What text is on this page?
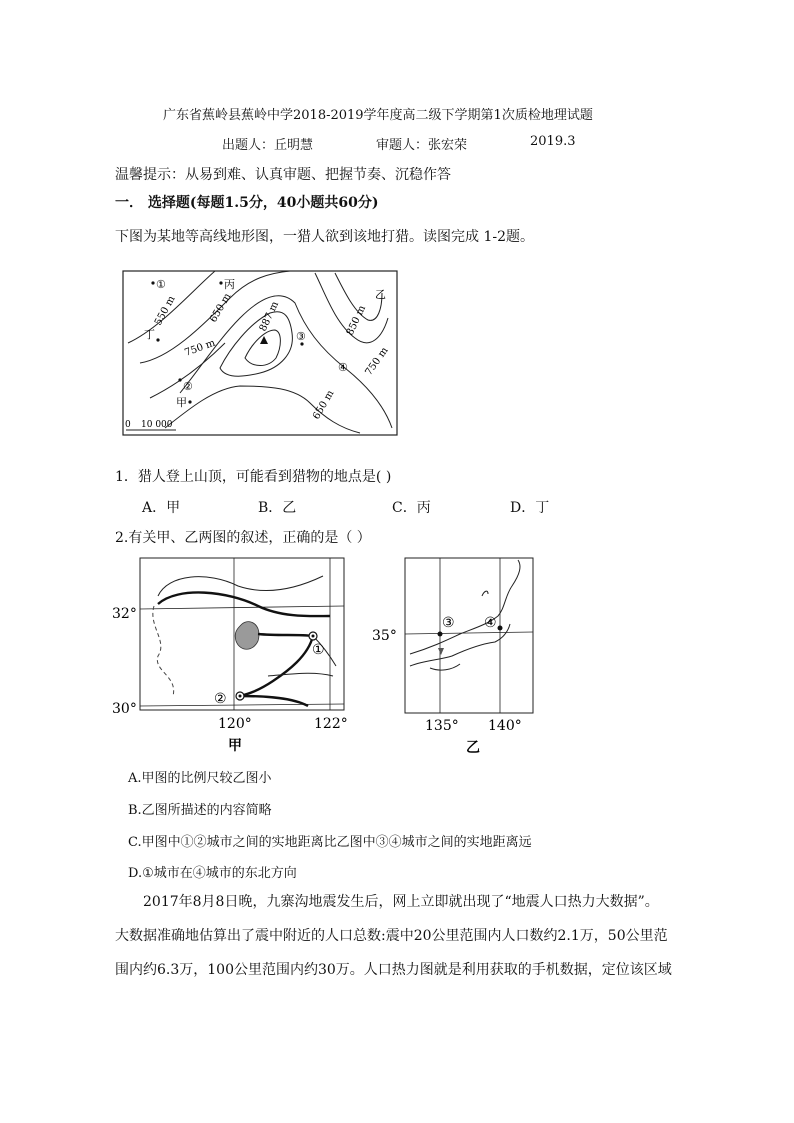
广东省蕉岭县蕉岭中学2018-2019学年度高二级下学期第1次质检地理试题
出题人：丘明慧	审题人：张宏荣	2019.3
温馨提示：从易到难、认真审题、把握节奏、沉稳作答
一． 选择题(每题1.5分，40小题共60分)
下图为某地等高线地形图，一猎人欲到该地打猎。读图完成 1-2题。
①	丙
乙
③
④
丁
②
甲
550 m	650 m
750 m
887 m	850 m
750 m
650 m
0 10 000
1．猎人登上山顶，可能看到猎物的地点是( )
A．甲	B．乙	C．丙	D．丁
2.有关甲、乙两图的叙述，正确的是（ ）
①
②
32°
30°
120°	122°
甲
③ ④
35°
135° 140°
乙
A.甲图的比例尺较乙图小
B.乙图所描述的内容简略
C.甲图中①②城市之间的实地距离比乙图中③④城市之间的实地距离远
D.①城市在④城市的东北方向
2017年8月8日晚，九寨沟地震发生后，网上立即就出现了“地震人口热力大数据”。
大数据准确地估算出了震中附近的人口总数:震中20公里范围内人口数约2.1万，50公里范
围内约6.3万，100公里范围内约30万。人口热力图就是利用获取的手机数据，定位该区域
